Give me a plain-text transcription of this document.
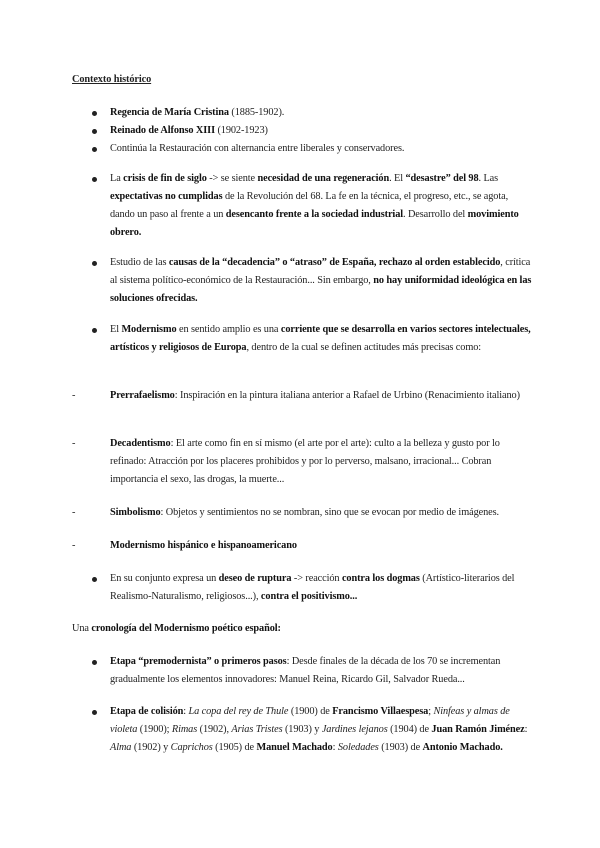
Contexto histórico
Regencia de María Cristina (1885-1902).
Reinado de Alfonso XIII (1902-1923)
Continúa la Restauración con alternancia entre liberales y conservadores.
La crisis de fin de siglo -> se siente necesidad de una regeneración. El “desastre” del 98. Las expectativas no cumplidas de la Revolución del 68. La fe en la técnica, el progreso, etc., se agota, dando un paso al frente a un desencanto frente a la sociedad industrial. Desarrollo del movimiento obrero.
Estudio de las causas de la “decadencia” o “atraso” de España, rechazo al orden establecido, crítica al sistema político-económico de la Restauración... Sin embargo, no hay uniformidad ideológica en las soluciones ofrecidas.
El Modernismo en sentido amplio es una corriente que se desarrolla en varios sectores intelectuales, artísticos y religiosos de Europa, dentro de la cual se definen actitudes más precisas como:
-	Prerrafaelismo: Inspiración en la pintura italiana anterior a Rafael de Urbino (Renacimiento italiano)
-	Decadentismo: El arte como fin en sí mismo (el arte por el arte): culto a la belleza y gusto por lo refinado: Atracción por los placeres prohibidos y por lo perverso, malsano, irracional... Cobran importancia el sexo, las drogas, la muerte...
-	Simbolismo: Objetos y sentimientos no se nombran, sino que se evocan por medio de imágenes.
-	Modernismo hispánico e hispanoamericano
En su conjunto expresa un deseo de ruptura -> reacción contra los dogmas (Artístico-literarios del Realismo-Naturalismo, religiosos...), contra el positivismo...
Una cronología del Modernismo poético español:
Etapa “premodernista” o primeros pasos: Desde finales de la década de los 70 se incrementan gradualmente los elementos innovadores: Manuel Reina, Ricardo Gil, Salvador Rueda...
Etapa de colisión: La copa del rey de Thule (1900) de Francismo Villaespesa; Ninfeas y almas de violeta (1900); Rimas (1902), Arias Tristes (1903) y Jardines lejanos (1904) de Juan Ramón Jiménez: Alma (1902) y Caprichos (1905) de Manuel Machado: Soledades (1903) de Antonio Machado.
